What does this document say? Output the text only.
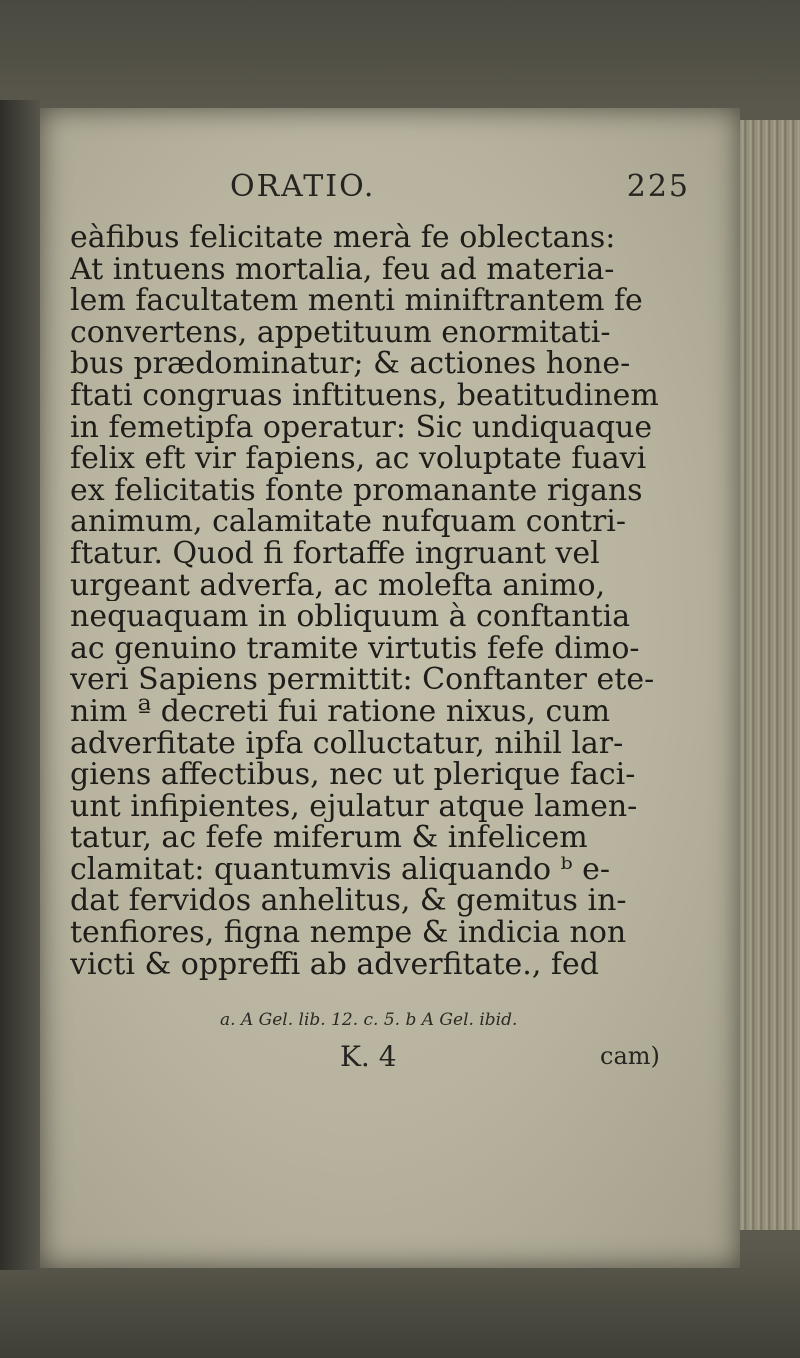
ORATIO.	225
eàfibus felicitate merà fe oblectans:
At intuens mortalia, feu ad materia-
lem facultatem menti miniftrantem fe
convertens, appetituum enormitati-
bus prædominatur; & actiones hone-
ftati congruas inftituens, beatitudinem
in femetipfa operatur: Sic undiquaque
felix eft vir fapiens, ac voluptate fuavi
ex felicitatis fonte promanante rigans
animum, calamitate nufquam contri-
ftatur. Quod fi fortaffe ingruant vel
urgeant adverfa, ac molefta animo,
nequaquam in obliquum à conftantia
ac genuino tramite virtutis fefe dimo-
veri Sapiens permittit: Conftanter ete-
nim ª decreti fui ratione nixus, cum
adverfitate ipfa colluctatur, nihil lar-
giens affectibus, nec ut plerique faci-
unt infipientes, ejulatur atque lamen-
tatur, ac fefe miferum & infelicem
clamitat: quantumvis aliquando ᵇ e-
dat fervidos anhelitus, & gemitus in-
tenfiores, figna nempe & indicia non
victi & oppreffi ab adverfitate., fed
a. A Gel. lib. 12. c. 5. b A Gel. ibid.
K. 4	cam)
